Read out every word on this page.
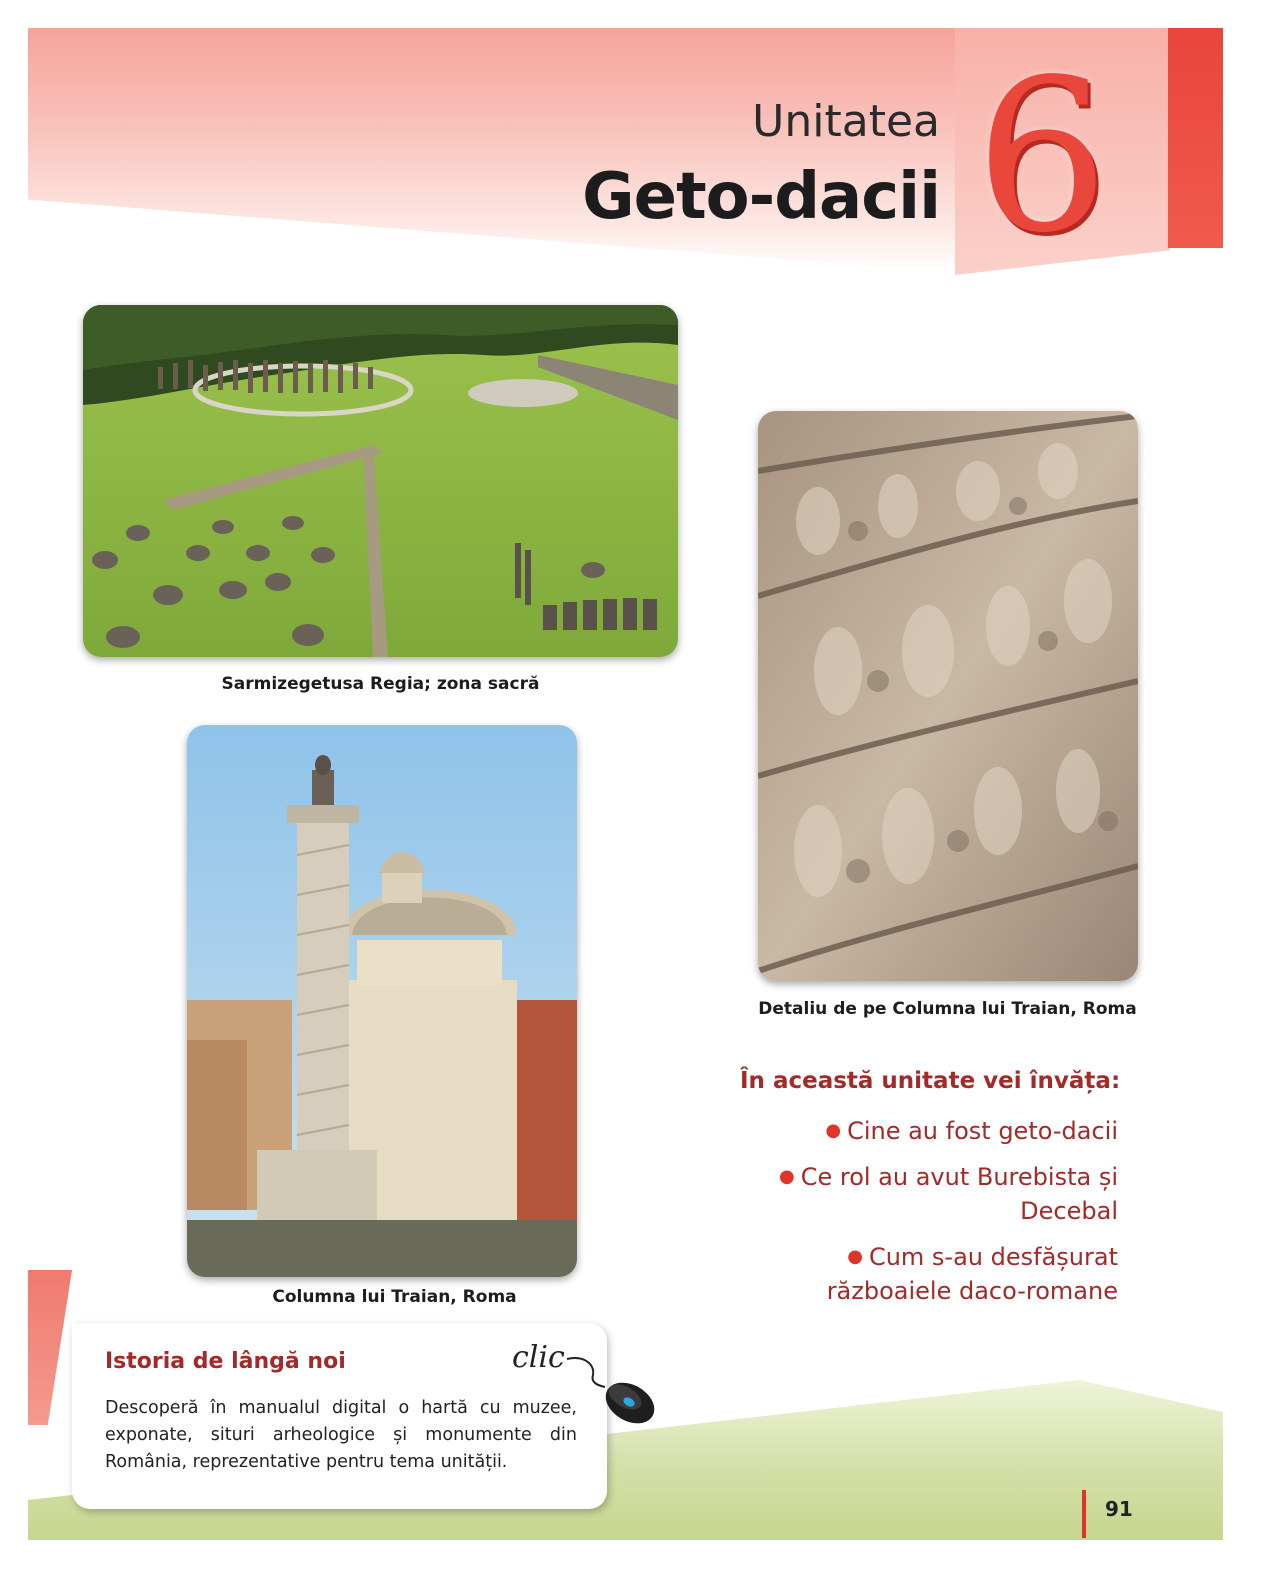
Unitatea
Geto-dacii 6
Sarmizegetusa Regia; zona sacră
Detaliu de pe Columna lui Traian, Roma
Columna lui Traian, Roma
În această unitate vei învăța:
● Cine au fost geto-dacii
● Ce rol au avut Burebista și Decebal
● Cum s-au desfășurat războaiele daco-romane
Istoria de lângă noi
Descoperă în manualul digital o hartă cu muzee, exponate, situri arheologice și monumente din România, reprezentative pentru tema unității.
clic
91
